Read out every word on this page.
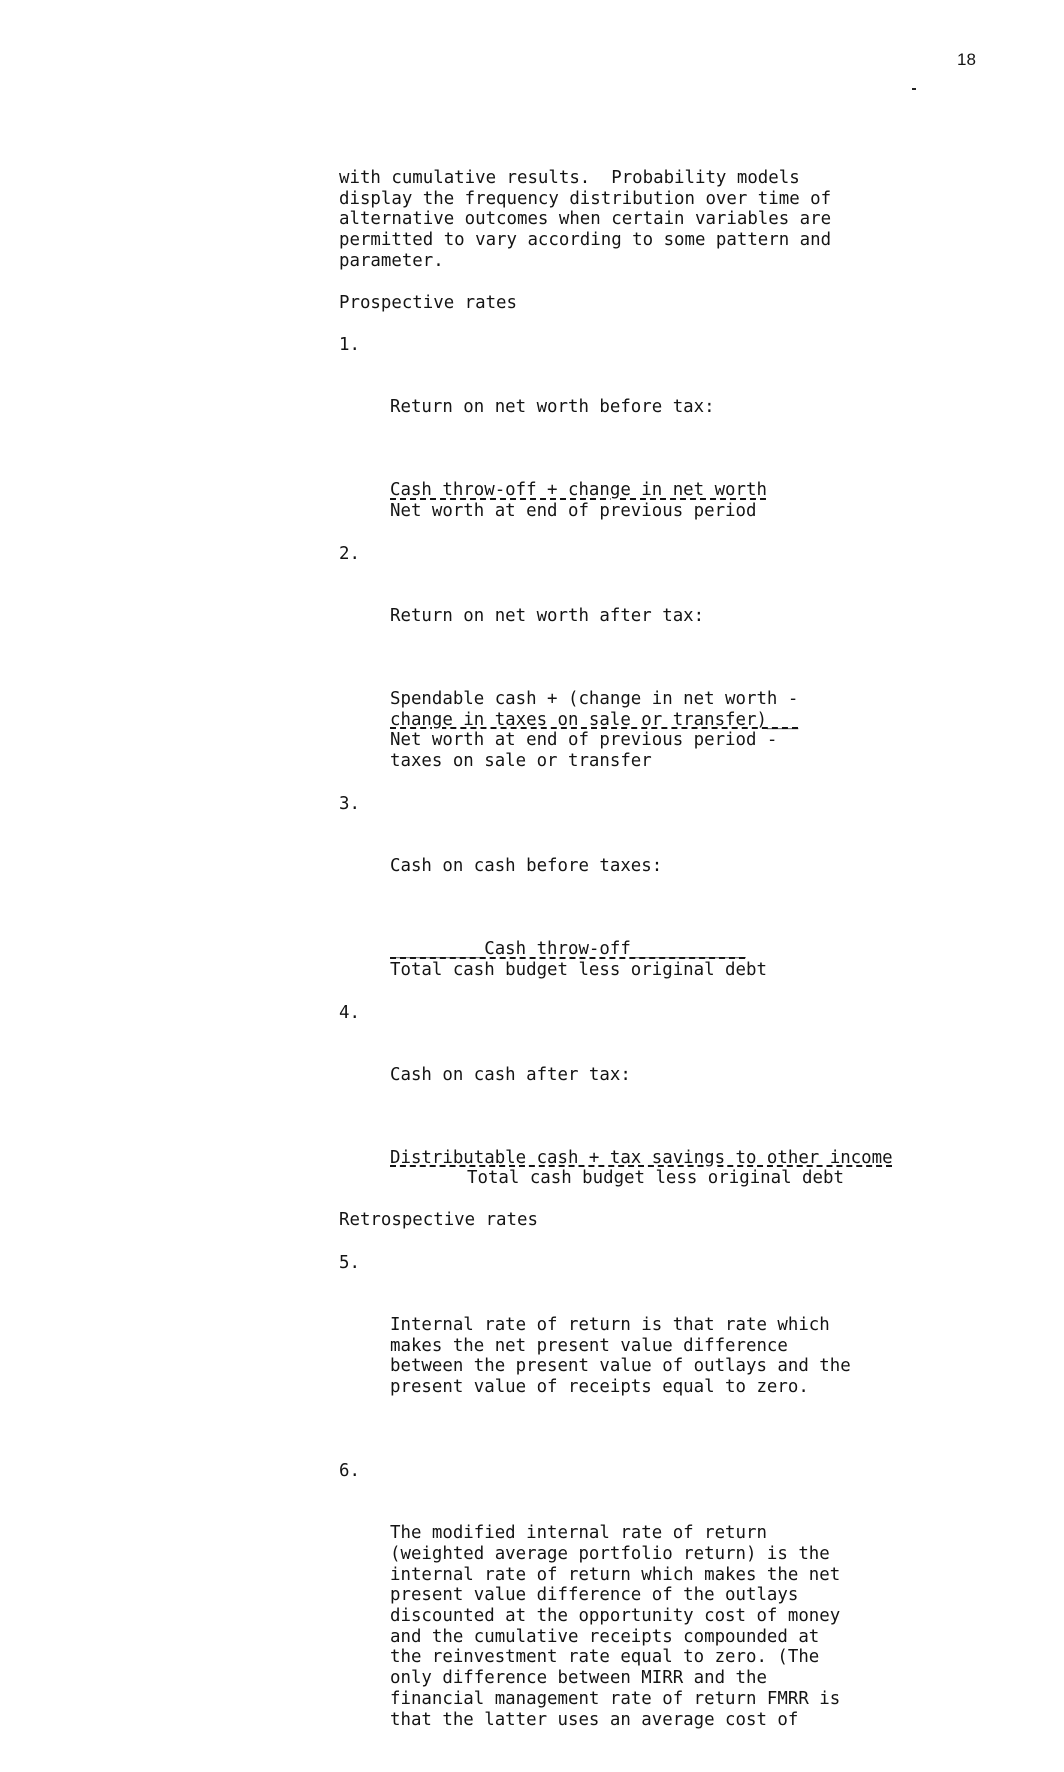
18
with cumulative results.  Probability models
display the frequency distribution over time of
alternative outcomes when certain variables are
permitted to vary according to some pattern and
parameter.
Prospective rates

1.

Return on net worth before tax:

Cash throw-off + change in net worth
Net worth at end of previous period

2.

Return on net worth after tax:

Spendable cash + (change in net worth -
change in taxes on sale or transfer)___
Net worth at end of previous period -
taxes on sale or transfer

3.

Cash on cash before taxes:

_________Cash throw-off___________
Total cash budget less original debt

4.

Cash on cash after tax:

Distributable cash + tax savings to other income
Total cash budget less original debt
Retrospective rates

5.

Internal rate of return is that rate which
makes the net present value difference
between the present value of outlays and the
present value of receipts equal to zero.

6.

The modified internal rate of return
(weighted average portfolio return) is the
internal rate of return which makes the net
present value difference of the outlays
discounted at the opportunity cost of money
and the cumulative receipts compounded at
the reinvestment rate equal to zero. (The
only difference between MIRR and the
financial management rate of return FMRR is
that the latter uses an average cost of
